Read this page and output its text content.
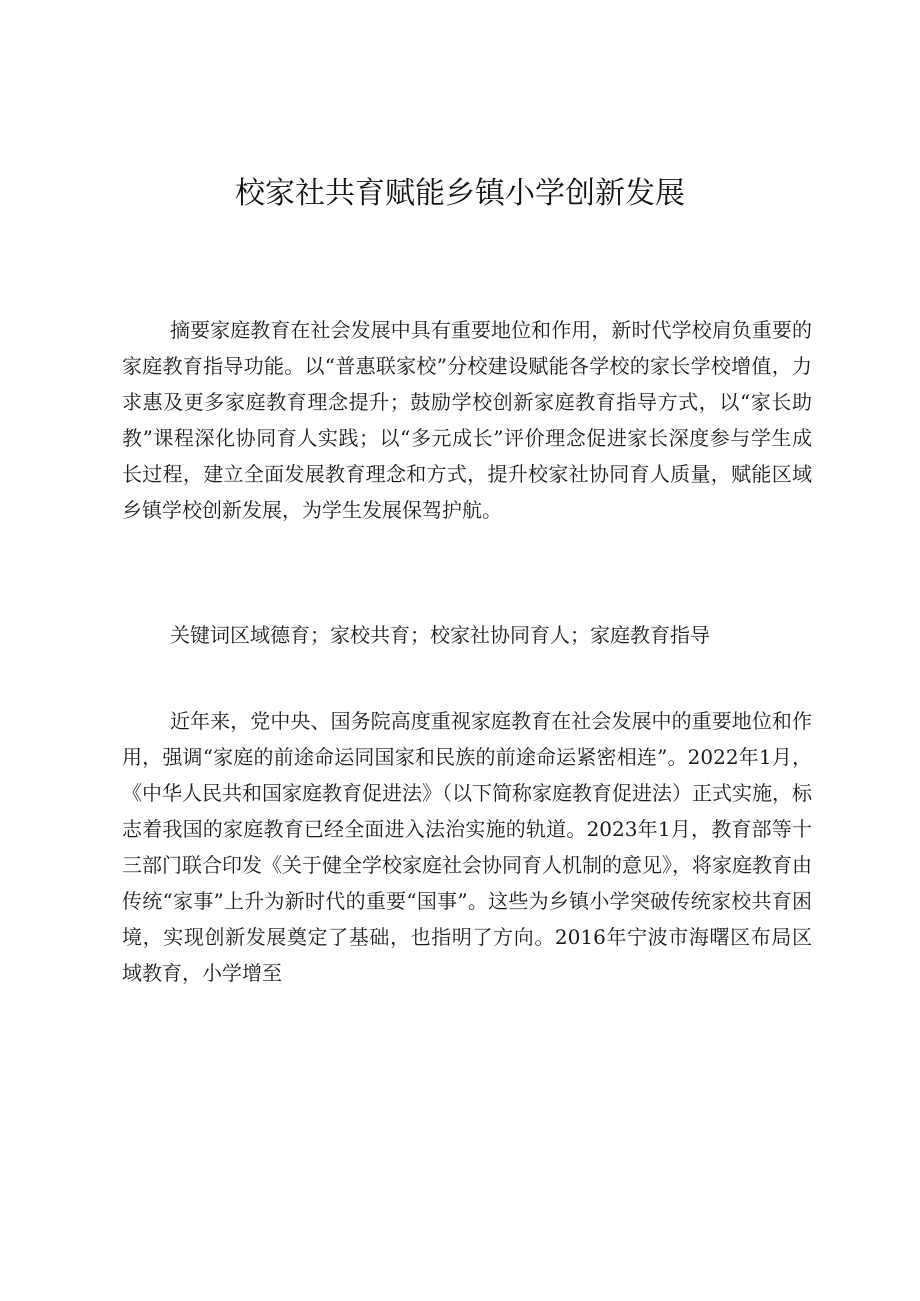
校家社共育赋能乡镇小学创新发展

摘要家庭教育在社会发展中具有重要地位和作用，新时代学校肩负重要的家庭教育指导功能。以“普惠联家校”分校建设赋能各学校的家长学校增值，力求惠及更多家庭教育理念提升；鼓励学校创新家庭教育指导方式，以“家长助教”课程深化协同育人实践；以“多元成长”评价理念促进家长深度参与学生成长过程，建立全面发展教育理念和方式，提升校家社协同育人质量，赋能区域乡镇学校创新发展，为学生发展保驾护航。

关键词区域德育；家校共育；校家社协同育人；家庭教育指导

近年来，党中央、国务院高度重视家庭教育在社会发展中的重要地位和作用，强调“家庭的前途命运同国家和民族的前途命运紧密相连”。2022年1月，《中华人民共和国家庭教育促进法》（以下简称家庭教育促进法）正式实施，标志着我国的家庭教育已经全面进入法治实施的轨道。2023年1月，教育部等十三部门联合印发《关于健全学校家庭社会协同育人机制的意见》，将家庭教育由传统“家事”上升为新时代的重要“国事”。这些为乡镇小学突破传统家校共育困境，实现创新发展奠定了基础，也指明了方向。2016年宁波市海曙区布局区域教育，小学增至
